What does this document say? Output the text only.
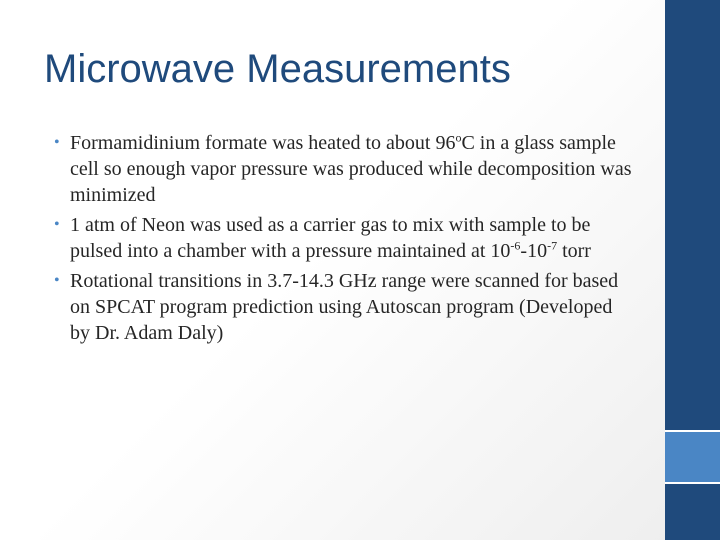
Microwave Measurements
• Formamidinium formate was heated to about 96$^o$C in a glass sample cell so enough vapor pressure was produced while decomposition was minimized
• 1 atm of Neon was used as a carrier gas to mix with sample to be pulsed into a chamber with a pressure maintained at $10^{-6}-10^{-7}$ torr
• Rotational transitions in 3.7-14.3 GHz range were scanned for based on SPCAT program prediction using Autoscan program (Developed by Dr. Adam Daly)
